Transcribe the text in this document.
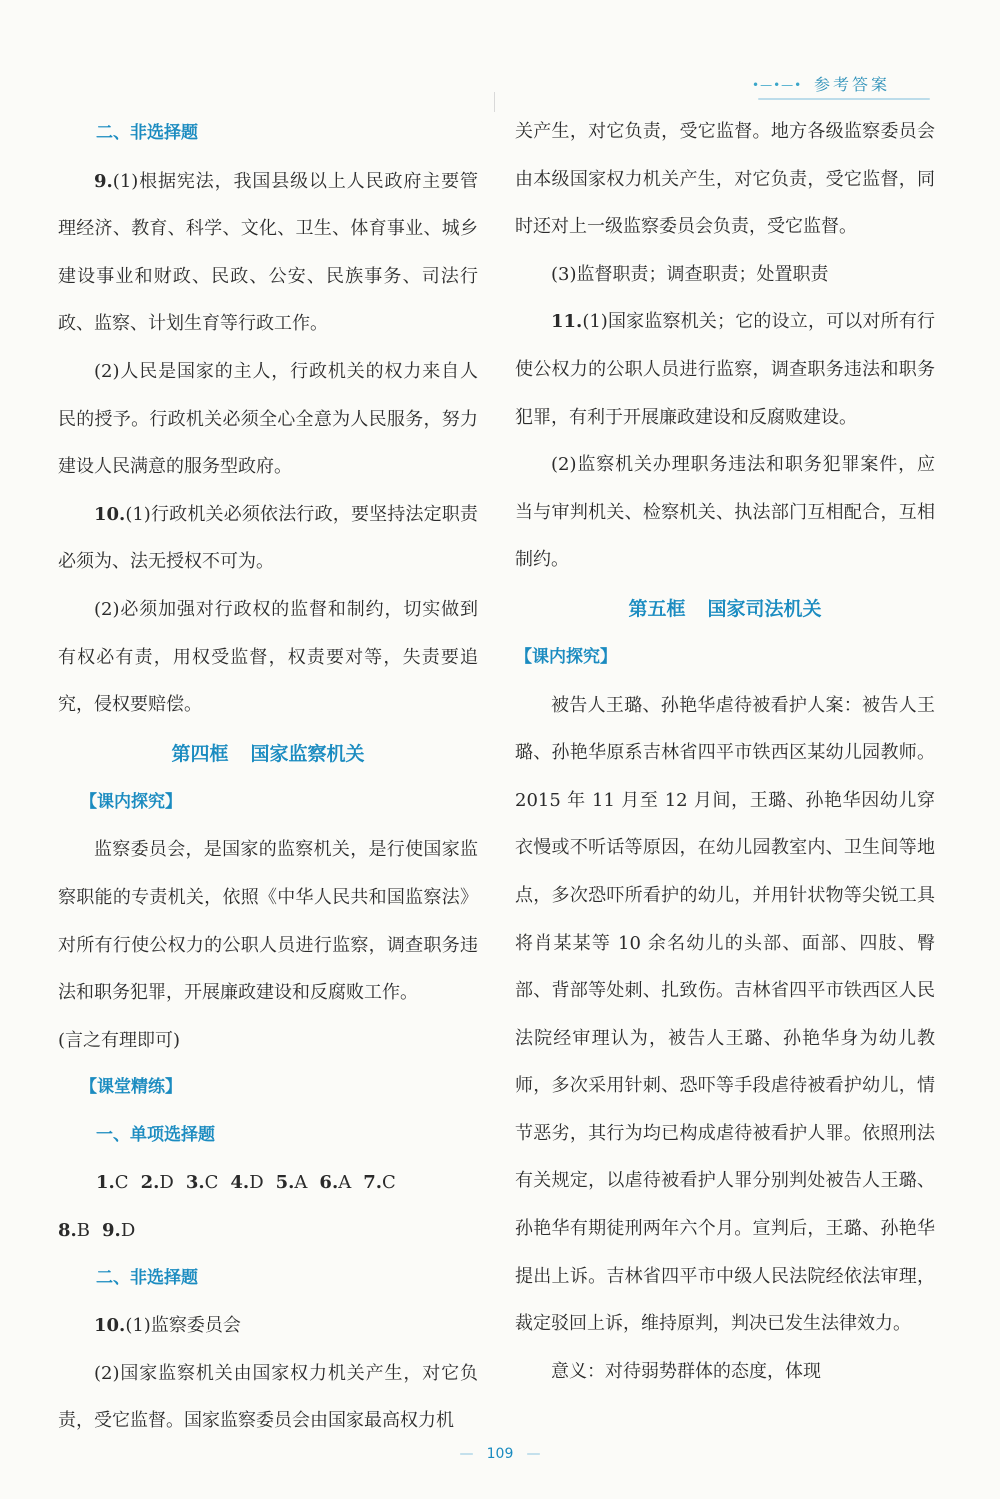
•—•—• 参考答案
二、非选择题

9.(1)根据宪法，我国县级以上人民政府主要管理经济、教育、科学、文化、卫生、体育事业、城乡建设事业和财政、民政、公安、民族事务、司法行政、监察、计划生育等行政工作。

(2)人民是国家的主人，行政机关的权力来自人民的授予。行政机关必须全心全意为人民服务，努力建设人民满意的服务型政府。

10.(1)行政机关必须依法行政，要坚持法定职责必须为、法无授权不可为。

(2)必须加强对行政权的监督和制约，切实做到有权必有责，用权受监督，权责要对等，失责要追究，侵权要赔偿。

第四框 国家监察机关
【课内探究】

监察委员会，是国家的监察机关，是行使国家监察职能的专责机关，依照《中华人民共和国监察法》对所有行使公权力的公职人员进行监察，调查职务违法和职务犯罪，开展廉政建设和反腐败工作。

(言之有理即可)

【课堂精练】
一、单项选择题
1.C 2.D 3.C 4.D 5.A 6.A 7.C
8.B 9.D
二、非选择题

10.(1)监察委员会

(2)国家监察机关由国家权力机关产生，对它负责，受它监督。国家监察委员会由国家最高权力机

关产生，对它负责，受它监督。地方各级监察委员会由本级国家权力机关产生，对它负责，受它监督，同时还对上一级监察委员会负责，受它监督。

(3)监督职责；调查职责；处置职责

11.(1)国家监察机关；它的设立，可以对所有行使公权力的公职人员进行监察，调查职务违法和职务犯罪，有利于开展廉政建设和反腐败建设。

(2)监察机关办理职务违法和职务犯罪案件，应当与审判机关、检察机关、执法部门互相配合，互相制约。

第五框 国家司法机关
【课内探究】

被告人王璐、孙艳华虐待被看护人案：被告人王璐、孙艳华原系吉林省四平市铁西区某幼儿园教师。2015 年 11 月至 12 月间，王璐、孙艳华因幼儿穿衣慢或不听话等原因，在幼儿园教室内、卫生间等地点，多次恐吓所看护的幼儿，并用针状物等尖锐工具将肖某某等 10 余名幼儿的头部、面部、四肢、臀部、背部等处刺、扎致伤。吉林省四平市铁西区人民法院经审理认为，被告人王璐、孙艳华身为幼儿教师，多次采用针刺、恐吓等手段虐待被看护幼儿，情节恶劣，其行为均已构成虐待被看护人罪。依照刑法有关规定，以虐待被看护人罪分别判处被告人王璐、孙艳华有期徒刑两年六个月。宣判后，王璐、孙艳华提出上诉。吉林省四平市中级人民法院经依法审理，裁定驳回上诉，维持原判，判决已发生法律效力。

意义：对待弱势群体的态度，体现

— 109 —
